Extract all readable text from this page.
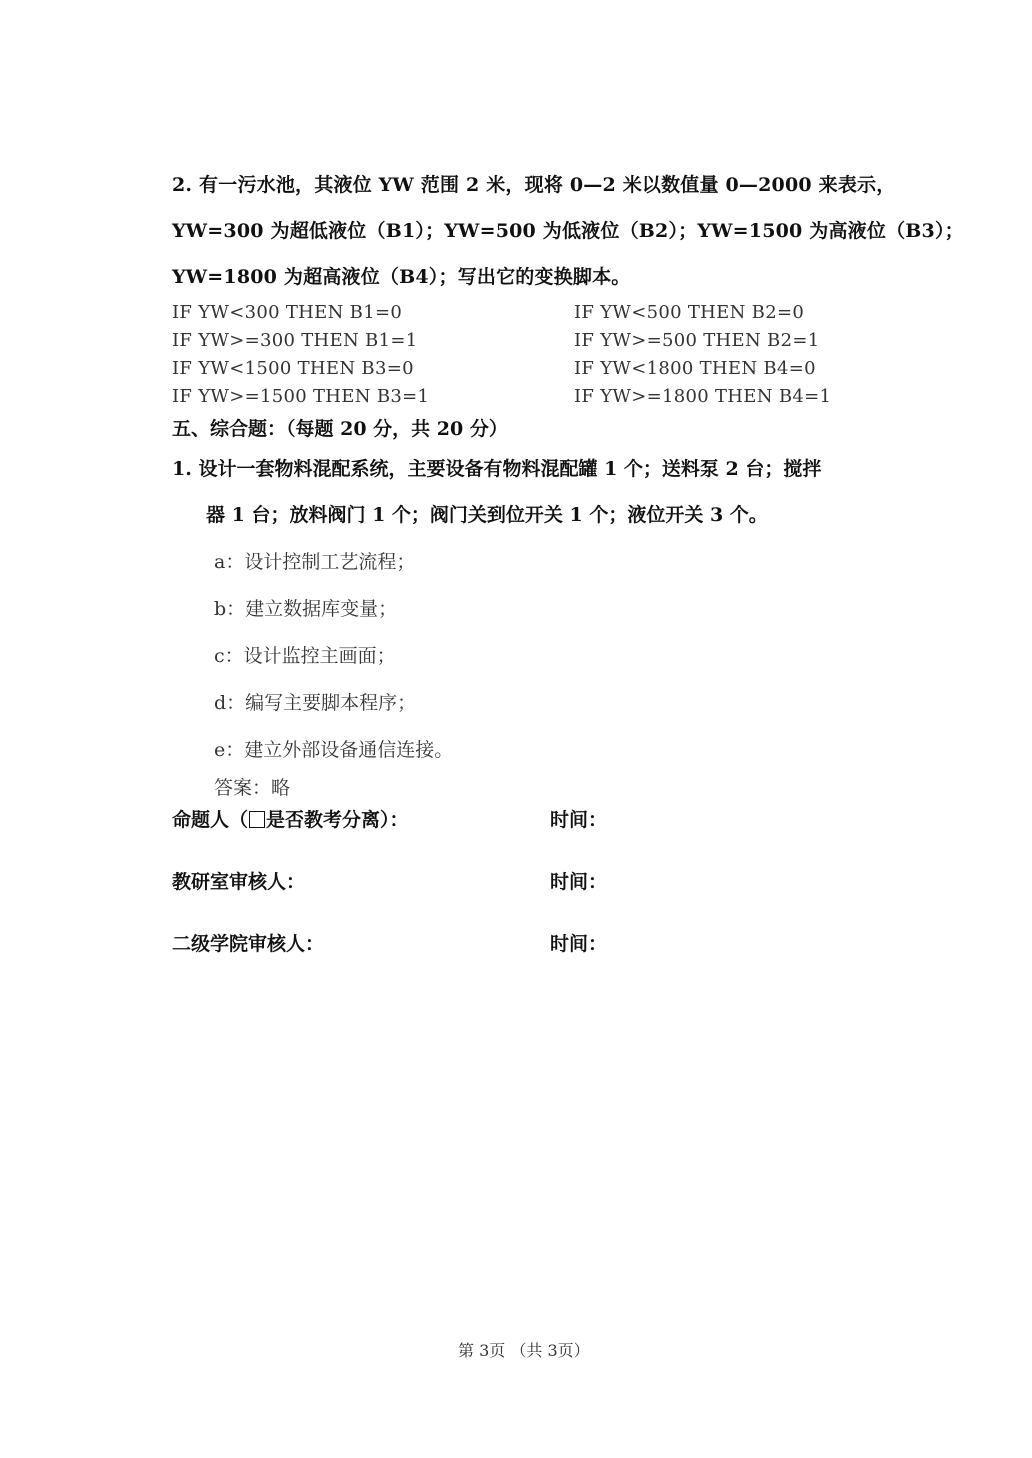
2. 有一污水池，其液位 YW 范围 2 米，现将 0—2 米以数值量 0—2000 来表示，
YW=300 为超低液位（B1）；YW=500 为低液位（B2）；YW=1500 为高液位（B3）；
YW=1800 为超高液位（B4）；写出它的变换脚本。
IF YW<300 THEN B1=0	IF YW<500 THEN B2=0
IF YW>=300 THEN B1=1	IF YW>=500 THEN B2=1
IF YW<1500 THEN B3=0	IF YW<1800 THEN B4=0
IF YW>=1500 THEN B3=1	IF YW>=1800 THEN B4=1
五、综合题：（每题 20 分，共 20 分）
1. 设计一套物料混配系统，主要设备有物料混配罐 1 个；送料泵 2 台；搅拌
器 1 台；放料阀门 1 个；阀门关到位开关 1 个；液位开关 3 个。
a：设计控制工艺流程；
b：建立数据库变量；
c：设计监控主画面；
d：编写主要脚本程序；
e：建立外部设备通信连接。
答案：略
命题人（ 是否教考分离）：	时间：
教研室审核人：	时间：
二级学院审核人：	时间：
第 3页 （共 3页）
